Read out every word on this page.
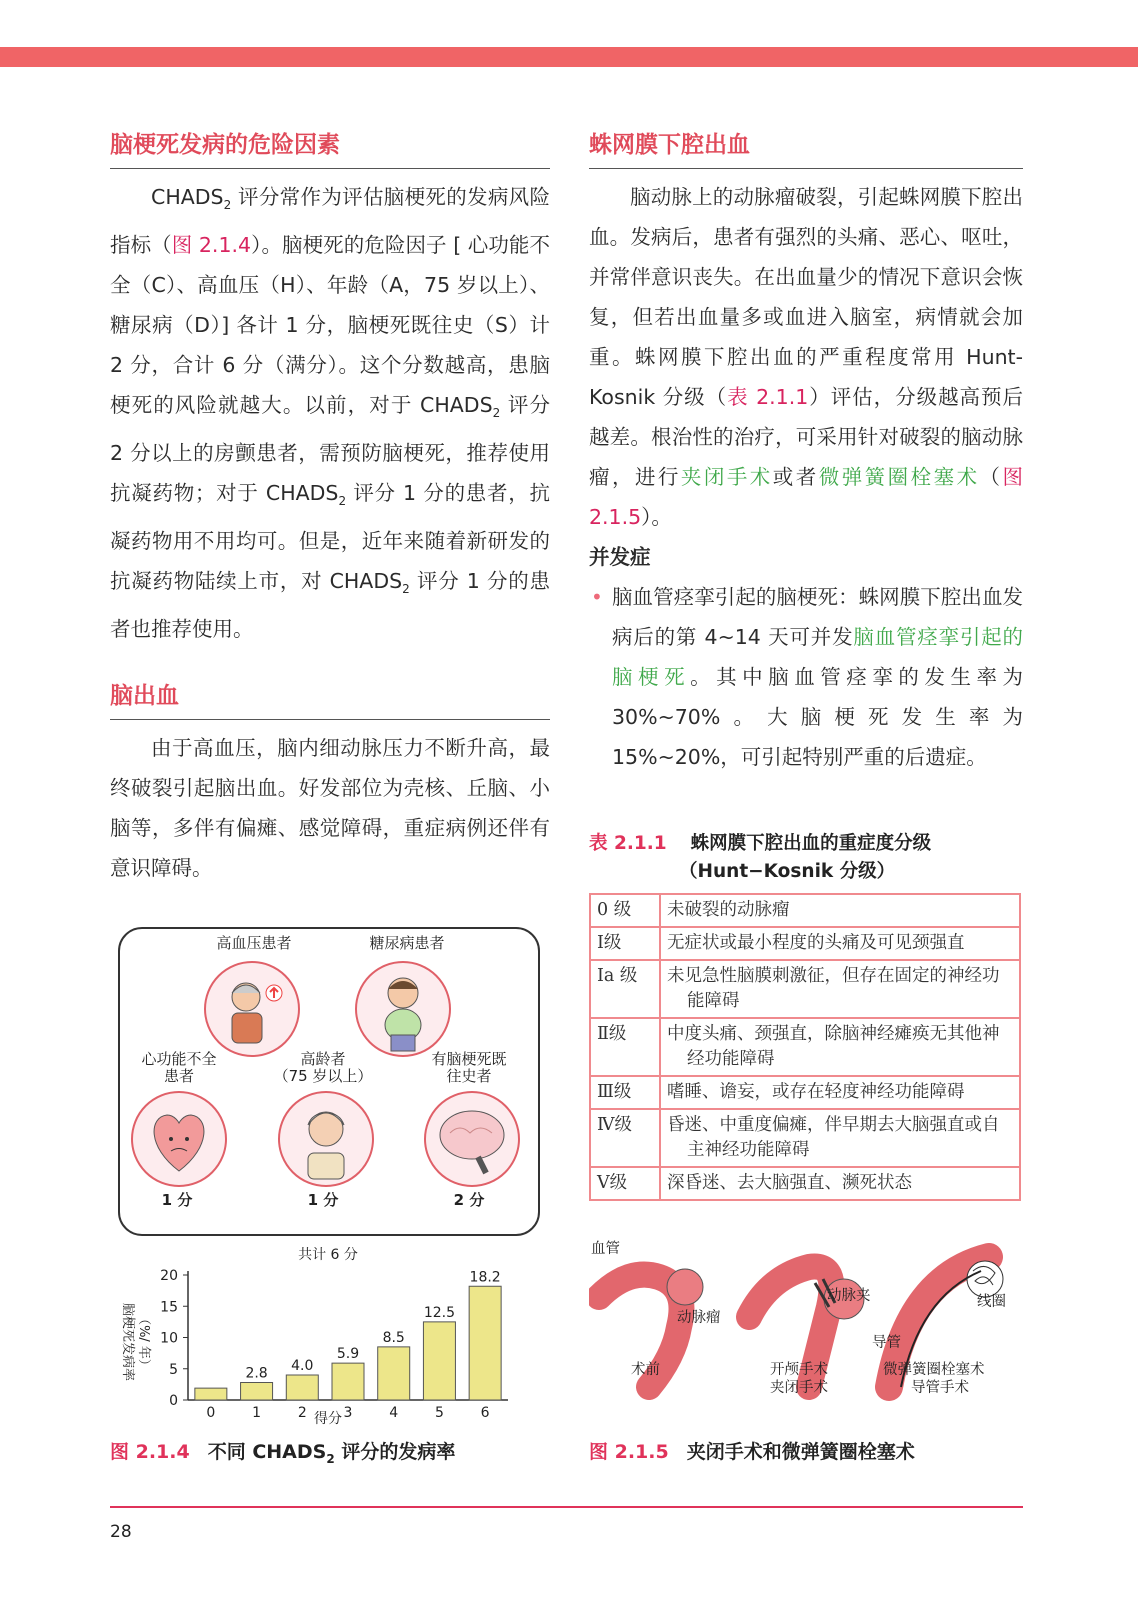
脑梗死发病的危险因素

$CHADS_2$ 评分常作为评估脑梗死的发病风险指标（图 2.1.4）。脑梗死的危险因子 [ 心功能不全（C）、高血压（H）、年龄（A，75 岁以上）、糖尿病（D）] 各计 1 分，脑梗死既往史（S）计 2 分，合计 6 分（满分）。这个分数越高，患脑梗死的风险就越大。以前，对于 $CHADS_2$ 评分 2 分以上的房颤患者，需预防脑梗死，推荐使用抗凝药物；对于 $CHADS_2$ 评分 1 分的患者，抗凝药物用不用均可。但是，近年来随着新研发的抗凝药物陆续上市，对 $CHADS_2$ 评分 1 分的患者也推荐使用。

脑出血

由于高血压，脑内细动脉压力不断升高，最终破裂引起脑出血。好发部位为壳核、丘脑、小脑等，多伴有偏瘫、感觉障碍，重症病例还伴有意识障碍。

高血压患者	糖尿病患者
心功能不全
患者
高龄者
（75 岁以上）
有脑梗死既
往史者
1 分	1 分	2 分
0
5
10
15
20
0
2.8
1
4.0
2
5.9
3
8.5
4
12.5
5
18.2
6
共计 6 分
得分
脑梗死发病率 （%/ 年）
图 2.1.4 不同 $CHADS_2$ 评分的发病率
蛛网膜下腔出血

脑动脉上的动脉瘤破裂，引起蛛网膜下腔出血。发病后，患者有强烈的头痛、恶心、呕吐，并常伴意识丧失。在出血量少的情况下意识会恢复，但若出血量多或血进入脑室，病情就会加重。蛛网膜下腔出血的严重程度常用 Hunt-Kosnik 分级（表 2.1.1）评估，分级越高预后越差。根治性的治疗，可采用针对破裂的脑动脉瘤，进行夹闭手术或者微弹簧圈栓塞术（图 2.1.5）。

并发症

• 脑血管痉挛引起的脑梗死：蛛网膜下腔出血发病后的第 4~14 天可并发脑血管痉挛引起的脑梗死。其中脑血管痉挛的发生率为 30%~70%。大脑梗死发生率为 15%~20%，可引起特别严重的后遗症。

表 2.1.1 蛛网膜下腔出血的重症度分级
（Hunt−Kosnik 分级）
0 级	未破裂的动脉瘤
Ⅰ级	无症状或最小程度的头痛及可见颈强直
Ⅰa 级	未见急性脑膜刺激征，但存在固定的神经功
能障碍

Ⅱ级	中度头痛、颈强直，除脑神经瘫痪无其他神
经功能障碍

Ⅲ级	嗜睡、谵妄，或存在轻度神经功能障碍
Ⅳ级	昏迷、中重度偏瘫，伴早期去大脑强直或自
主神经功能障碍

Ⅴ级	深昏迷、去大脑强直、濒死状态
血管
动脉瘤
动脉夹	线圈
导管
术前	开颅手术
夹闭手术
微弹簧圈栓塞术
导管手术
图 2.1.5 夹闭手术和微弹簧圈栓塞术
28
